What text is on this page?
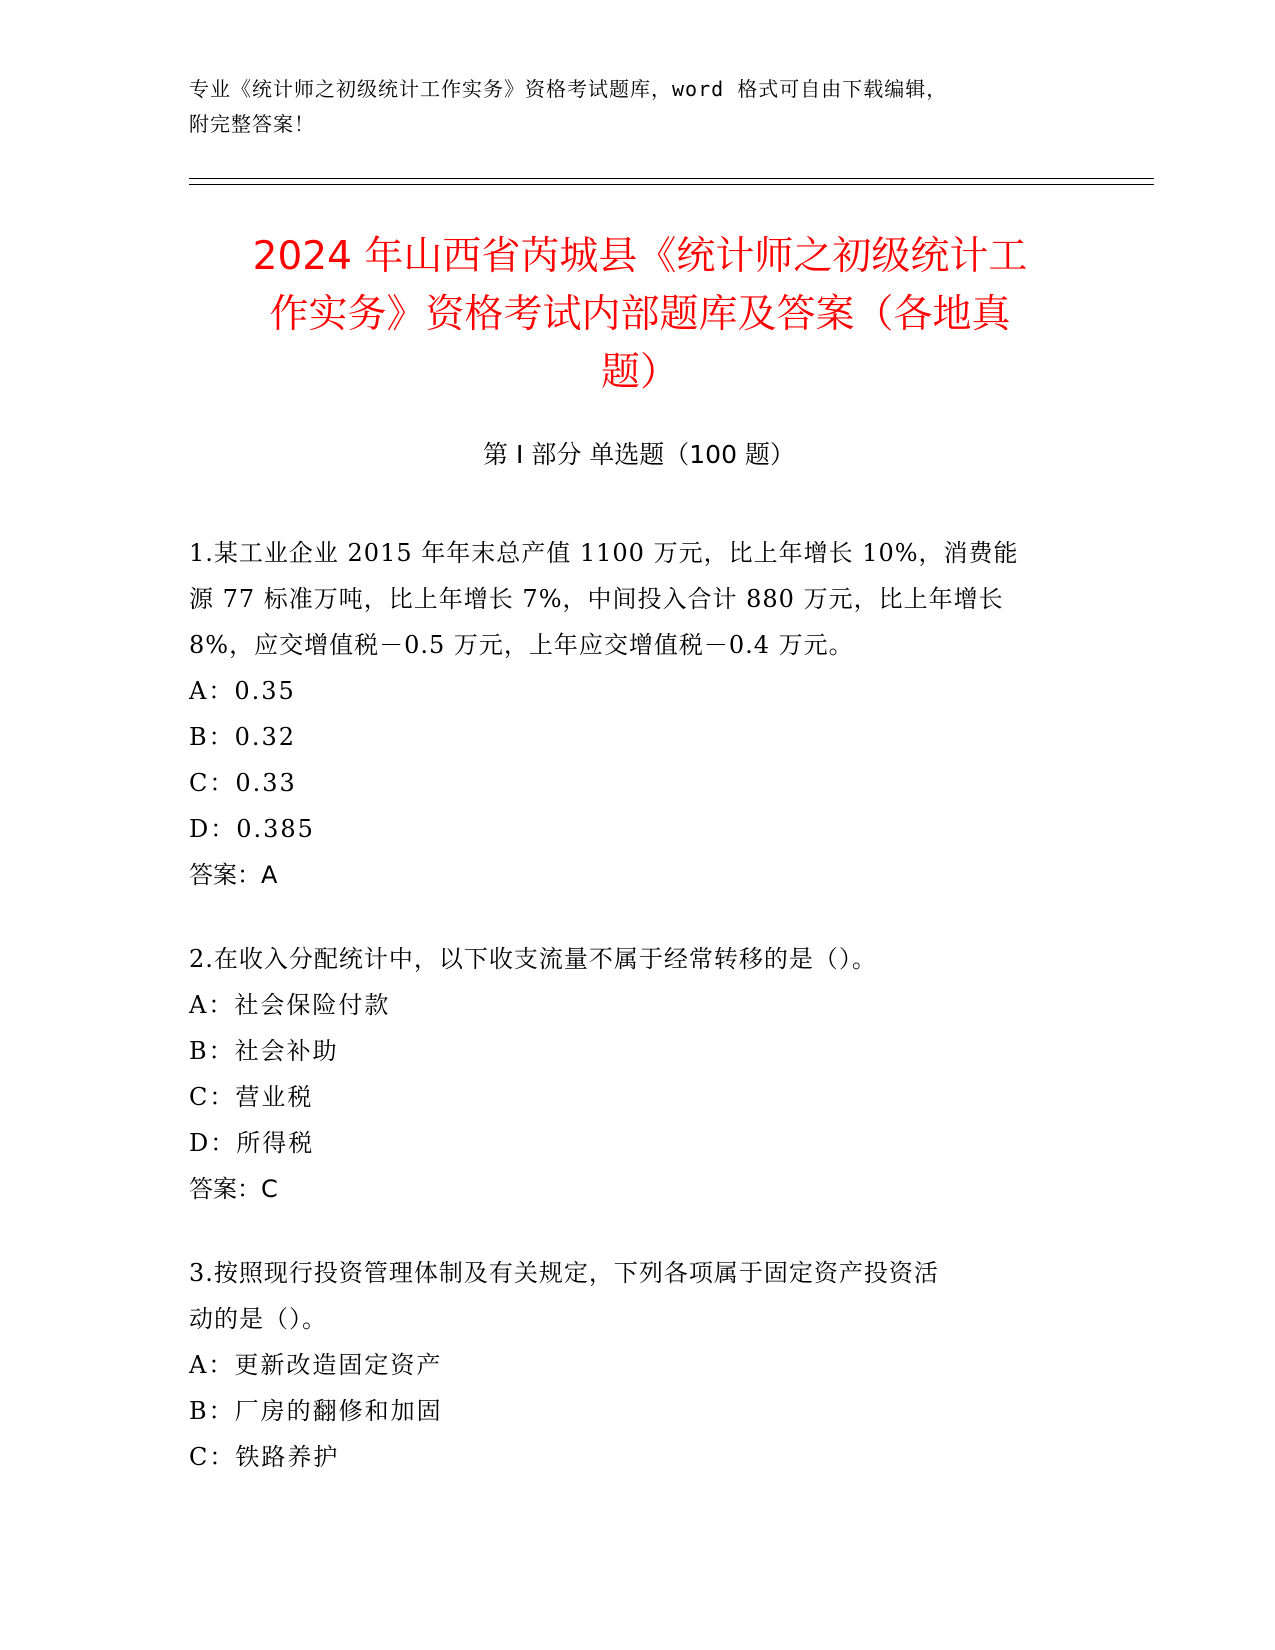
专业《统计师之初级统计工作实务》资格考试题库，word 格式可自由下载编辑，
附完整答案！
2024 年山西省芮城县《统计师之初级统计工
作实务》资格考试内部题库及答案（各地真
题）
第 I 部分 单选题（100 题）
1.某工业企业 2015 年年末总产值 1100 万元，比上年增长 10%，消费能
源 77 标准万吨，比上年增长 7%，中间投入合计 880 万元，比上年增长
8%，应交增值税－0.5 万元，上年应交增值税－0.4 万元。
A：0.35
B：0.32
C：0.33
D：0.385
答案：A
2.在收入分配统计中，以下收支流量不属于经常转移的是（）。
A：社会保险付款
B：社会补助
C：营业税
D：所得税
答案：C
3.按照现行投资管理体制及有关规定，下列各项属于固定资产投资活
动的是（）。
A：更新改造固定资产
B：厂房的翻修和加固
C：铁路养护
